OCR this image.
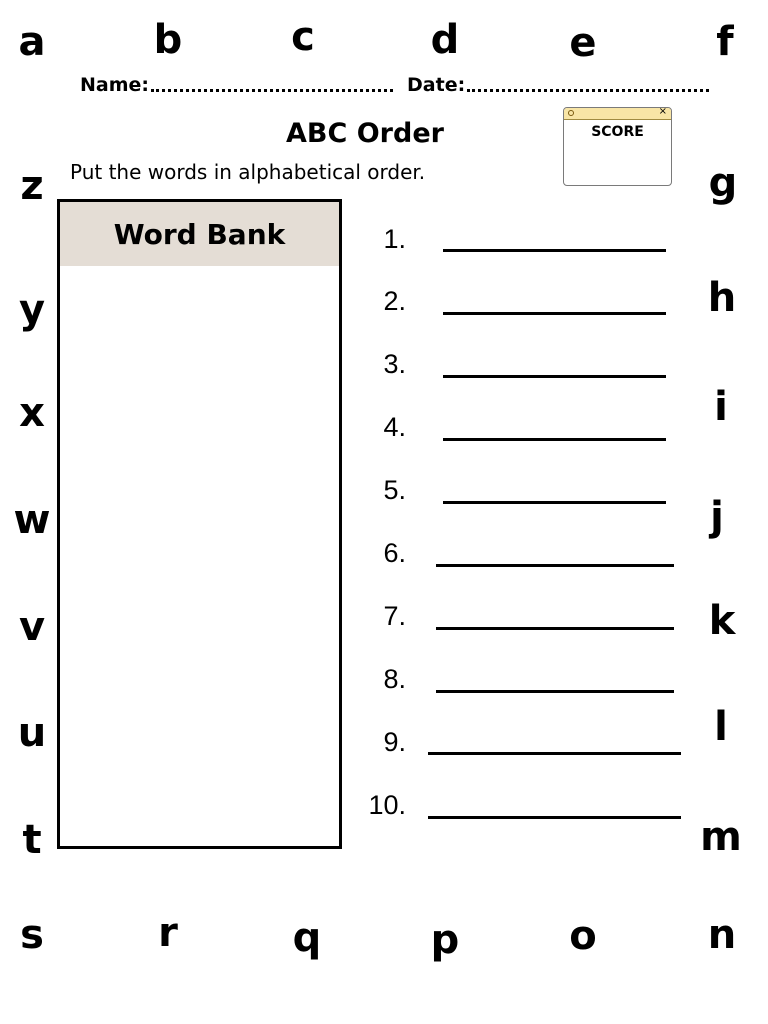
a	b	c	d	e	f
g
h
i
j
k
l
m
s	r	q	p	o	n
z
y
x
w
v
u
t
Name:	Date:
ABC Order
Put the words in alphabetical order.
×
SCORE
Word Bank	1.
2.
3.
4.
5.
6.
7.
8.
9.
10.
